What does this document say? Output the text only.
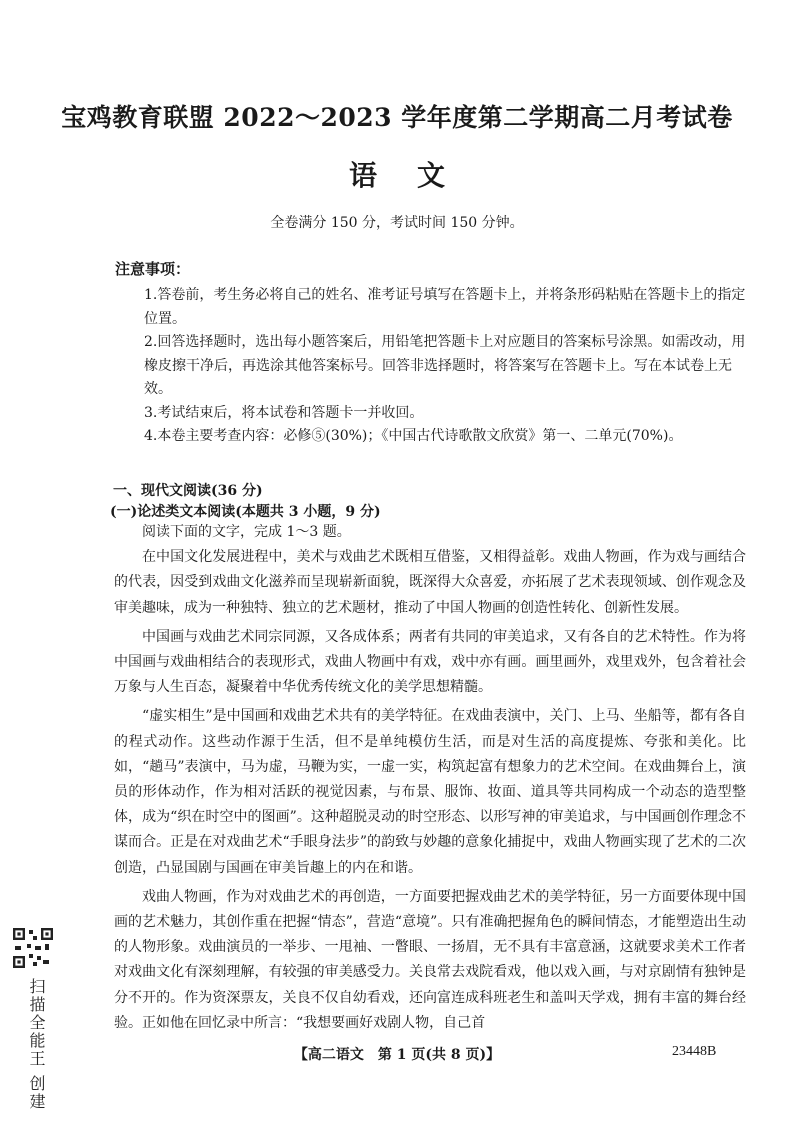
宝鸡教育联盟 2022～2023 学年度第二学期高二月考试卷
语文
全卷满分 150 分，考试时间 150 分钟。
注意事项：
1.答卷前，考生务必将自己的姓名、准考证号填写在答题卡上，并将条形码粘贴在答题卡上的指定位置。
2.回答选择题时，选出每小题答案后，用铅笔把答题卡上对应题目的答案标号涂黑。如需改动，用橡皮擦干净后，再选涂其他答案标号。回答非选择题时，将答案写在答题卡上。写在本试卷上无效。
3.考试结束后，将本试卷和答题卡一并收回。
4.本卷主要考查内容：必修⑤(30%)；《中国古代诗歌散文欣赏》第一、二单元(70%)。
一、现代文阅读(36 分)
(一)论述类文本阅读(本题共 3 小题，9 分)

阅读下面的文字，完成 1～3 题。

在中国文化发展进程中，美术与戏曲艺术既相互借鉴，又相得益彰。戏曲人物画，作为戏与画结合的代表，因受到戏曲文化滋养而呈现崭新面貌，既深得大众喜爱，亦拓展了艺术表现领域、创作观念及审美趣味，成为一种独特、独立的艺术题材，推动了中国人物画的创造性转化、创新性发展。

中国画与戏曲艺术同宗同源，又各成体系；两者有共同的审美追求，又有各自的艺术特性。作为将中国画与戏曲相结合的表现形式，戏曲人物画中有戏，戏中亦有画。画里画外，戏里戏外，包含着社会万象与人生百态，凝聚着中华优秀传统文化的美学思想精髓。

“虚实相生”是中国画和戏曲艺术共有的美学特征。在戏曲表演中，关门、上马、坐船等，都有各自的程式动作。这些动作源于生活，但不是单纯模仿生活，而是对生活的高度提炼、夸张和美化。比如，“趟马”表演中，马为虚，马鞭为实，一虚一实，构筑起富有想象力的艺术空间。在戏曲舞台上，演员的形体动作，作为相对活跃的视觉因素，与布景、服饰、妆面、道具等共同构成一个动态的造型整体，成为“织在时空中的图画”。这种超脱灵动的时空形态、以形写神的审美追求，与中国画创作理念不谋而合。正是在对戏曲艺术“手眼身法步”的韵致与妙趣的意象化捕捉中，戏曲人物画实现了艺术的二次创造，凸显国剧与国画在审美旨趣上的内在和谐。

戏曲人物画，作为对戏曲艺术的再创造，一方面要把握戏曲艺术的美学特征，另一方面要体现中国画的艺术魅力，其创作重在把握“情态”，营造“意境”。只有准确把握角色的瞬间情态，才能塑造出生动的人物形象。戏曲演员的一举步、一甩袖、一瞥眼、一扬眉，无不具有丰富意涵，这就要求美术工作者对戏曲文化有深刻理解，有较强的审美感受力。关良常去戏院看戏，他以戏入画，与对京剧情有独钟是分不开的。作为资深票友，关良不仅自幼看戏，还向富连成科班老生和盖叫天学戏，拥有丰富的舞台经验。正如他在回忆录中所言：“我想要画好戏剧人物，自己首

【高二语文　第 1 页(共 8 页)】	23448B
扫描全能王 创建
